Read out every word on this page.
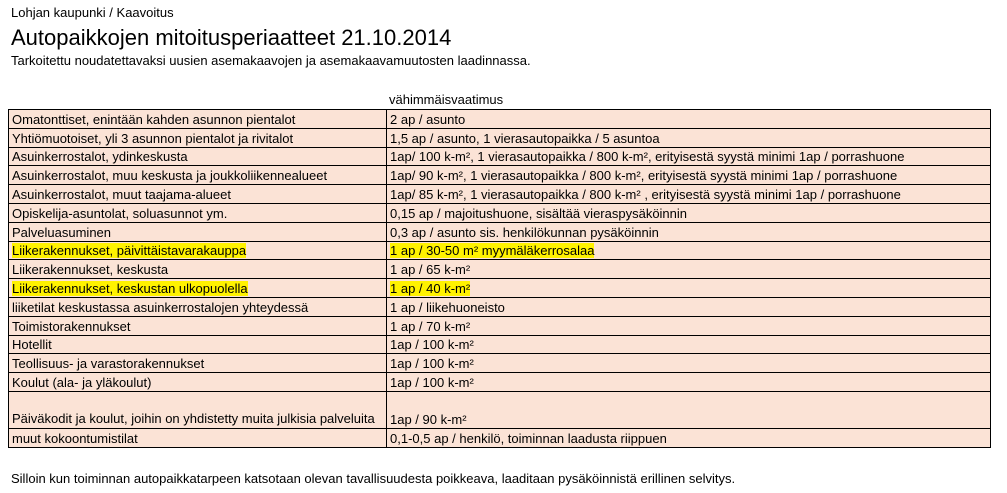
Lohjan kaupunki / Kaavoitus
Autopaikkojen mitoitusperiaatteet 21.10.2014
Tarkoitettu noudatettavaksi uusien asemakaavojen ja asemakaavamuutosten laadinnassa.
vähimmäisvaatimus
Omatonttiset, enintään kahden asunnon pientalot	2 ap / asunto
Yhtiömuotoiset, yli 3 asunnon pientalot ja rivitalot	1,5 ap / asunto, 1 vierasautopaikka / 5 asuntoa
Asuinkerrostalot, ydinkeskusta	1ap/ 100 k-m², 1 vierasautopaikka / 800 k-m², erityisestä syystä minimi 1ap / porrashuone
Asuinkerrostalot, muu keskusta ja joukkoliikennealueet	1ap/ 90 k-m², 1 vierasautopaikka / 800 k-m², erityisestä syystä minimi 1ap / porrashuone
Asuinkerrostalot, muut taajama-alueet	1ap/ 85 k-m², 1 vierasautopaikka / 800 k-m² , erityisestä syystä minimi 1ap / porrashuone
Opiskelija-asuntolat, soluasunnot ym.	0,15 ap / majoitushuone, sisältää vieraspysäköinnin
Palveluasuminen	0,3 ap / asunto sis. henkilökunnan pysäköinnin
Liikerakennukset, päivittäistavarakauppa	1 ap / 30-50 m² myymäläkerrosalaa
Liikerakennukset, keskusta	1 ap / 65 k-m²
Liikerakennukset, keskustan ulkopuolella	1 ap / 40 k-m²
liiketilat keskustassa asuinkerrostalojen yhteydessä	1 ap / liikehuoneisto
Toimistorakennukset	1 ap / 70 k-m²
Hotellit	1ap / 100 k-m²
Teollisuus- ja varastorakennukset	1ap / 100 k-m²
Koulut (ala- ja yläkoulut)	1ap / 100 k-m²
Päiväkodit ja koulut, joihin on yhdistetty muita julkisia palveluita	1ap / 90 k-m²
muut kokoontumistilat	0,1-0,5 ap / henkilö, toiminnan laadusta riippuen
Silloin kun toiminnan autopaikkatarpeen katsotaan olevan tavallisuudesta poikkeava, laaditaan pysäköinnistä erillinen selvitys.
